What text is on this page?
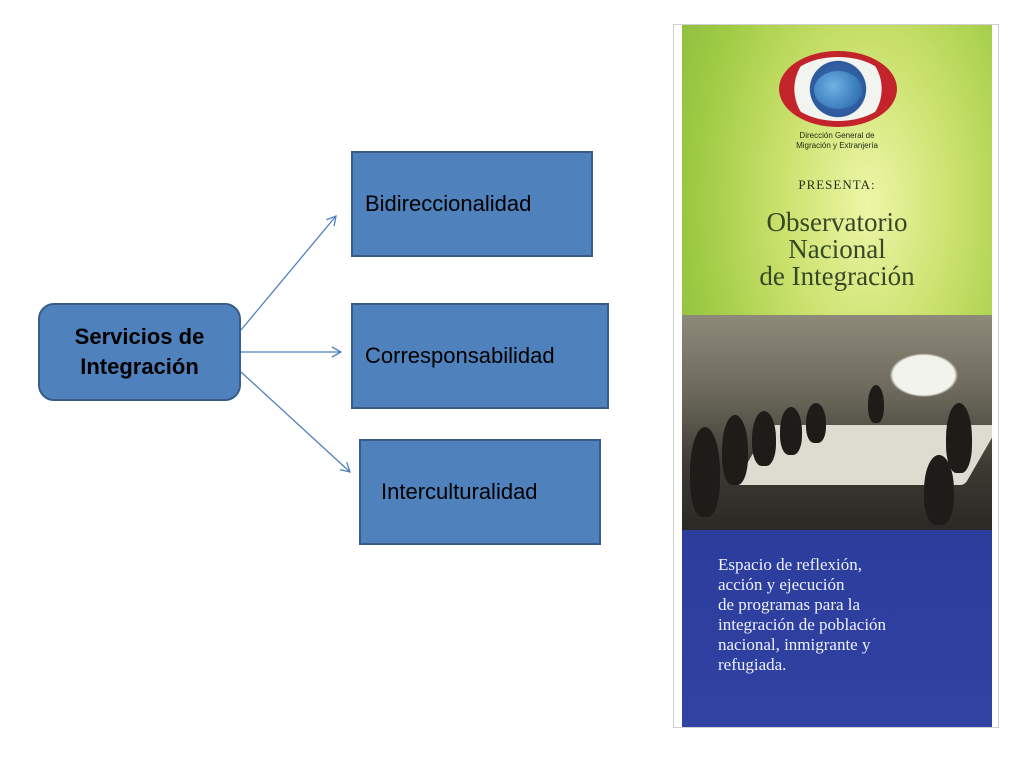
Servicios de
Integración
Bidireccionalidad
Corresponsabilidad
Interculturalidad
Dirección General de
Migración y Extranjería
PRESENTA:
Observatorio
Nacional
de Integración
Espacio de reflexión,
acción y ejecución
de programas para la
integración de población
nacional, inmigrante y
refugiada.
